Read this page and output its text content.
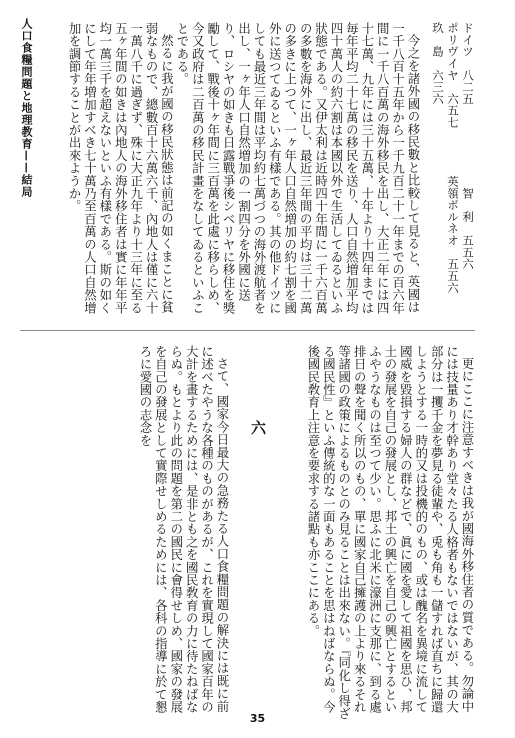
人口食糧問題と地理教育——結局	ドイツ　八二五　　　　　　　智　利　五五六
ポリヴイヤ　六五七　　　　英領ボルネオ　五五六
玖　島　六三六

今之を諸外國の移民數と比較して見ると、英國は一千八百十五年から一千九百二十一年までの百六年間に一千八百萬の海外移民を出し、大正二年には四十七萬、九年には三十五萬、十年より十四年までは毎年平均二十七萬の移民を送り、人口自然増加平均四十萬人の約六割は本國以外で生活してゐるといふ狀態である。又伊太利は近時四十年間に一千六百萬の多數を海外に出し、最近三年間の平均は三十二萬の多きに上つて、一ヶ年人口自然増加の約七割を國外に送つてゐるといふ有樣である。其の他ドイツにしても最近三年間は平均約七萬づつの海外渡航者を出し、一ヶ年人口自然増加の一割四分を外國に送り、ロシヤの如きも日露戰爭後シベリヤに移住を獎勵して、戰後十ヶ年間に三百萬を此處に移らしめ、今又政府は二百萬の移民計畫をなしてゐるといふことである。

然るに我が國の移民狀態は前記の如くまことに貧弱なもので、總數百十六萬六千、內地人は僅に六十一萬八千に過ぎず、殊に大正九年より十三年に至る五ヶ年間の如きは內地人の海外移住者は實に年年平均一萬三千を超えないといふ有樣である。斯の如くにして年年増加すべき七十萬乃至百萬の人口自然增加を調節することが出來ようか。

更にここに注意すべきは我が國海外移住者の質である。勿論中には技量あり才幹あり堂々たる人格者もないではないが、其の大部分は一攫千金を夢見る徒輩や、兎も角も一儲すれば直ちに歸還しようとする一時的又は投機的のもの、或は醜名を異境に流して國威を毀損する婦人の群などで、眞に國を愛して祖國を思ひ、邦土の發展を自己の發展とし、邦土の興亡を自己の興亡とするといふやうなものは至つて少い。思ふに北米に濠洲に支那に、到る處排日の聲を聞く所以のもの、單に國家自己擁護の上より來るそれ等諸國の政策によるものとのみ見ることは出來ない。『同化し得ざる國民性』といふ傳統的な一面もあることを思はねばならぬ。今後國民敎育上注意を要求する諸點も亦ここにある。

六

さて、國家今日最大の急務たる人口食糧問題の解決には既に前に述べたやうな各種のものがあるが、これを實現して國家百年の大計を畫するためには、是非とも之を國民敎育の力に待たねばならぬ。もとより此の問題を第二の國民に會得せしめ、國家の發展を自己の發展として實際せしめるためには、各科の指導に於て懇ろに愛國の志念を

35
